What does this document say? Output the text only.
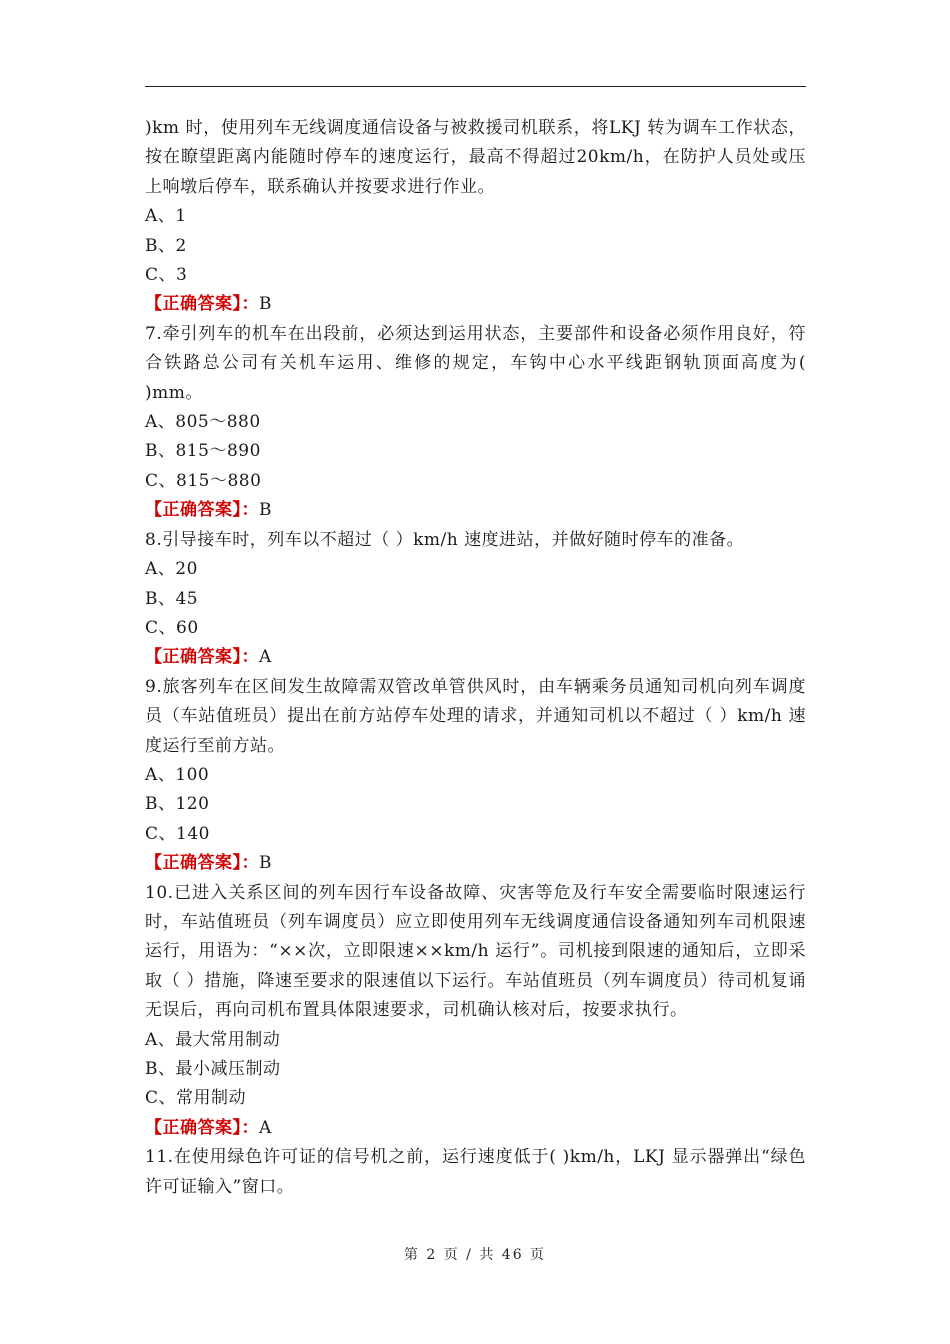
)km 时，使用列车无线调度通信设备与被救援司机联系，将LKJ 转为调车工作状态，按在瞭望距离内能随时停车的速度运行，最高不得超过20km/h，在防护人员处或压上响墩后停车，联系确认并按要求进行作业。

A、1

B、2

C、3

【正确答案】：B

7.牵引列车的机车在出段前，必须达到运用状态，主要部件和设备必须作用良好，符合铁路总公司有关机车运用、维修的规定，车钩中心水平线距钢轨顶面高度为( )mm。

A、805～880

B、815～890

C、815～880

【正确答案】：B

8.引导接车时，列车以不超过（ ）km/h 速度进站，并做好随时停车的准备。

A、20

B、45

C、60

【正确答案】：A

9.旅客列车在区间发生故障需双管改单管供风时，由车辆乘务员通知司机向列车调度员（车站值班员）提出在前方站停车处理的请求，并通知司机以不超过（ ）km/h 速度运行至前方站。

A、100

B、120

C、140

【正确答案】：B

10.已进入关系区间的列车因行车设备故障、灾害等危及行车安全需要临时限速运行时，车站值班员（列车调度员）应立即使用列车无线调度通信设备通知列车司机限速运行，用语为：“××次，立即限速××km/h 运行”。司机接到限速的通知后，立即采取（ ）措施，降速至要求的限速值以下运行。车站值班员（列车调度员）待司机复诵无误后，再向司机布置具体限速要求，司机确认核对后，按要求执行。

A、最大常用制动

B、最小减压制动

C、常用制动

【正确答案】：A

11.在使用绿色许可证的信号机之前，运行速度低于( )km/h，LKJ 显示器弹出“绿色许可证输入”窗口。

第 2 页 / 共 46 页
